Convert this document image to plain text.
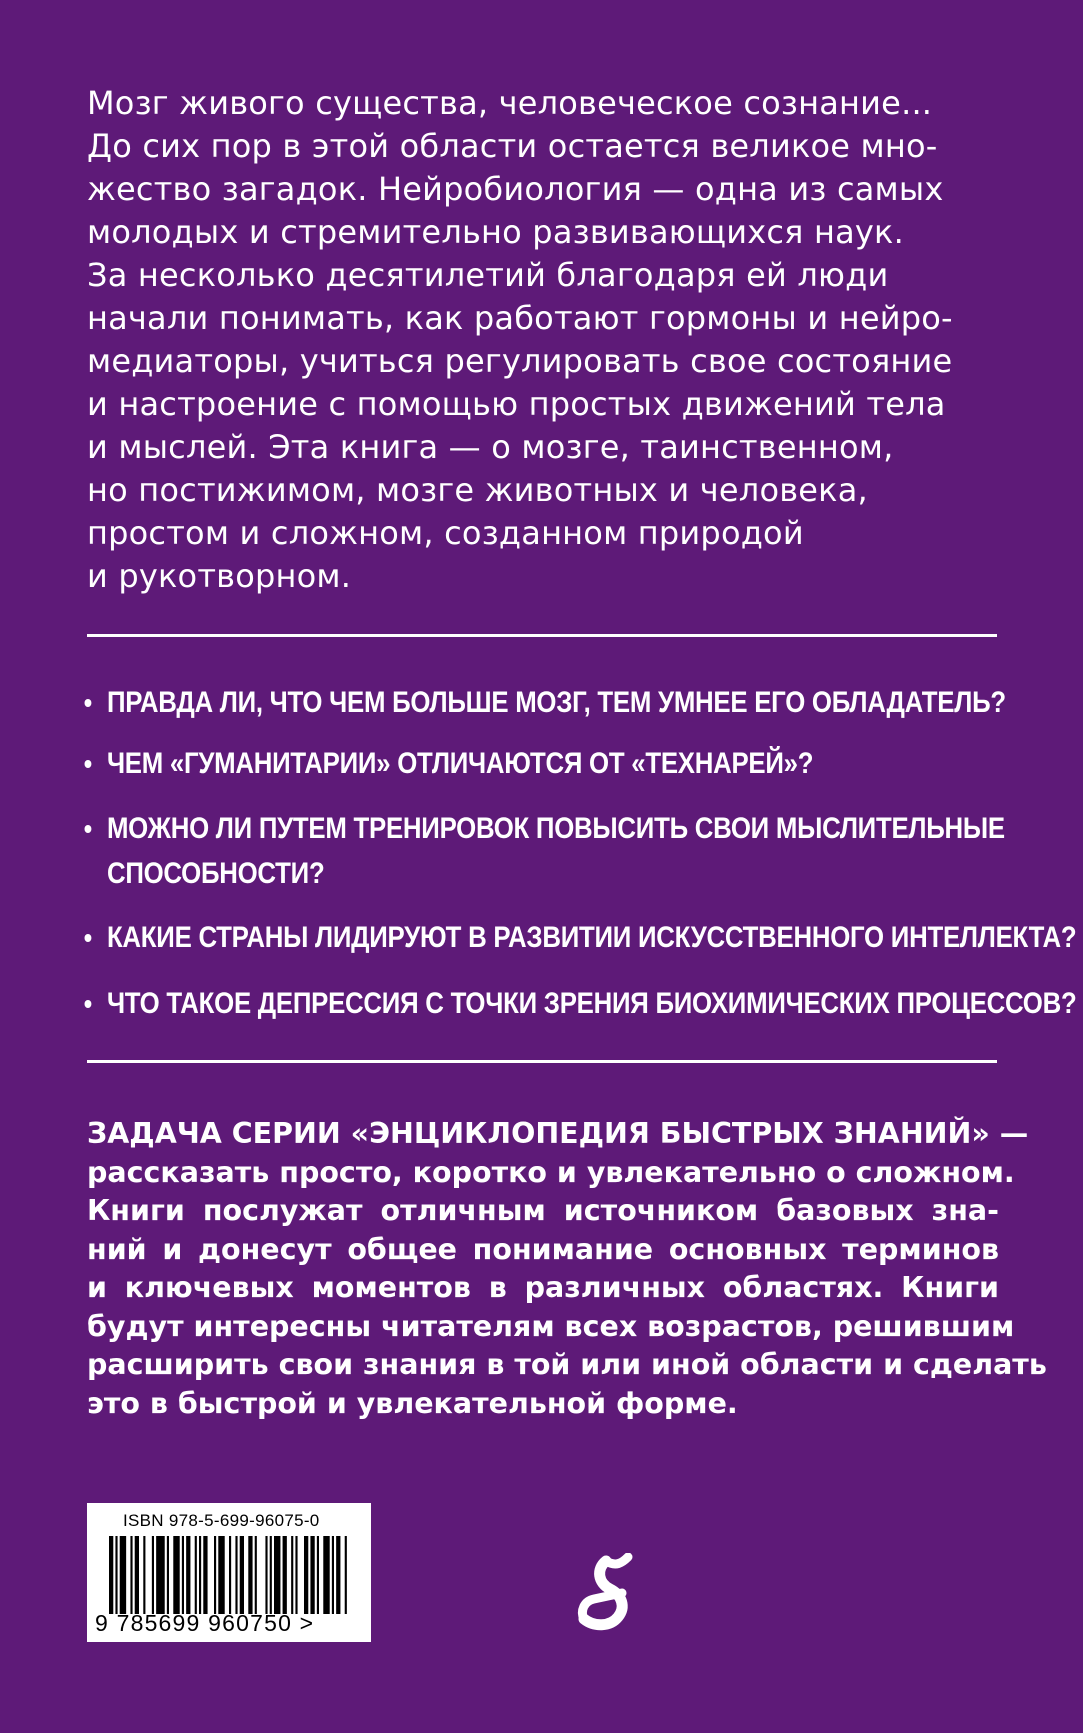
Мозг живого существа, человеческое сознание...
До сих пор в этой области остается великое мно-
жество загадок. Нейробиология — одна из самых
молодых и стремительно развивающихся наук.
За несколько десятилетий благодаря ей люди
начали понимать, как работают гормоны и нейро-
медиаторы, учиться регулировать свое состояние
и настроение с помощью простых движений тела
и мыслей. Эта книга — о мозге, таинственном,
но постижимом, мозге животных и человека,
простом и сложном, созданном природой
и рукотворном.
• ПРАВДА ЛИ, ЧТО ЧЕМ БОЛЬШЕ МОЗГ, ТЕМ УМНЕЕ ЕГО ОБЛАДАТЕЛЬ?
• ЧЕМ «ГУМАНИТАРИИ» ОТЛИЧАЮТСЯ ОТ «ТЕХНАРЕЙ»?
• МОЖНО ЛИ ПУТЕМ ТРЕНИРОВОК ПОВЫСИТЬ СВОИ МЫСЛИТЕЛЬНЫЕ
СПОСОБНОСТИ?
• КАКИЕ СТРАНЫ ЛИДИРУЮТ В РАЗВИТИИ ИСКУССТВЕННОГО ИНТЕЛЛЕКТА?
• ЧТО ТАКОЕ ДЕПРЕССИЯ С ТОЧКИ ЗРЕНИЯ БИОХИМИЧЕСКИХ ПРОЦЕССОВ?
ЗАДАЧА СЕРИИ «ЭНЦИКЛОПЕДИЯ БЫСТРЫХ ЗНАНИЙ» —
рассказать просто, коротко и увлекательно о сложном.
Книги послужат отличным источником базовых зна-
ний и донесут общее понимание основных терминов
и ключевых моментов в различных областях. Книги
будут интересны читателям всех возрастов, решившим
расширить свои знания в той или иной области и сделать
это в быстрой и увлекательной форме.
ISBN 978-5-699-96075-0
9 785699 960750 >
